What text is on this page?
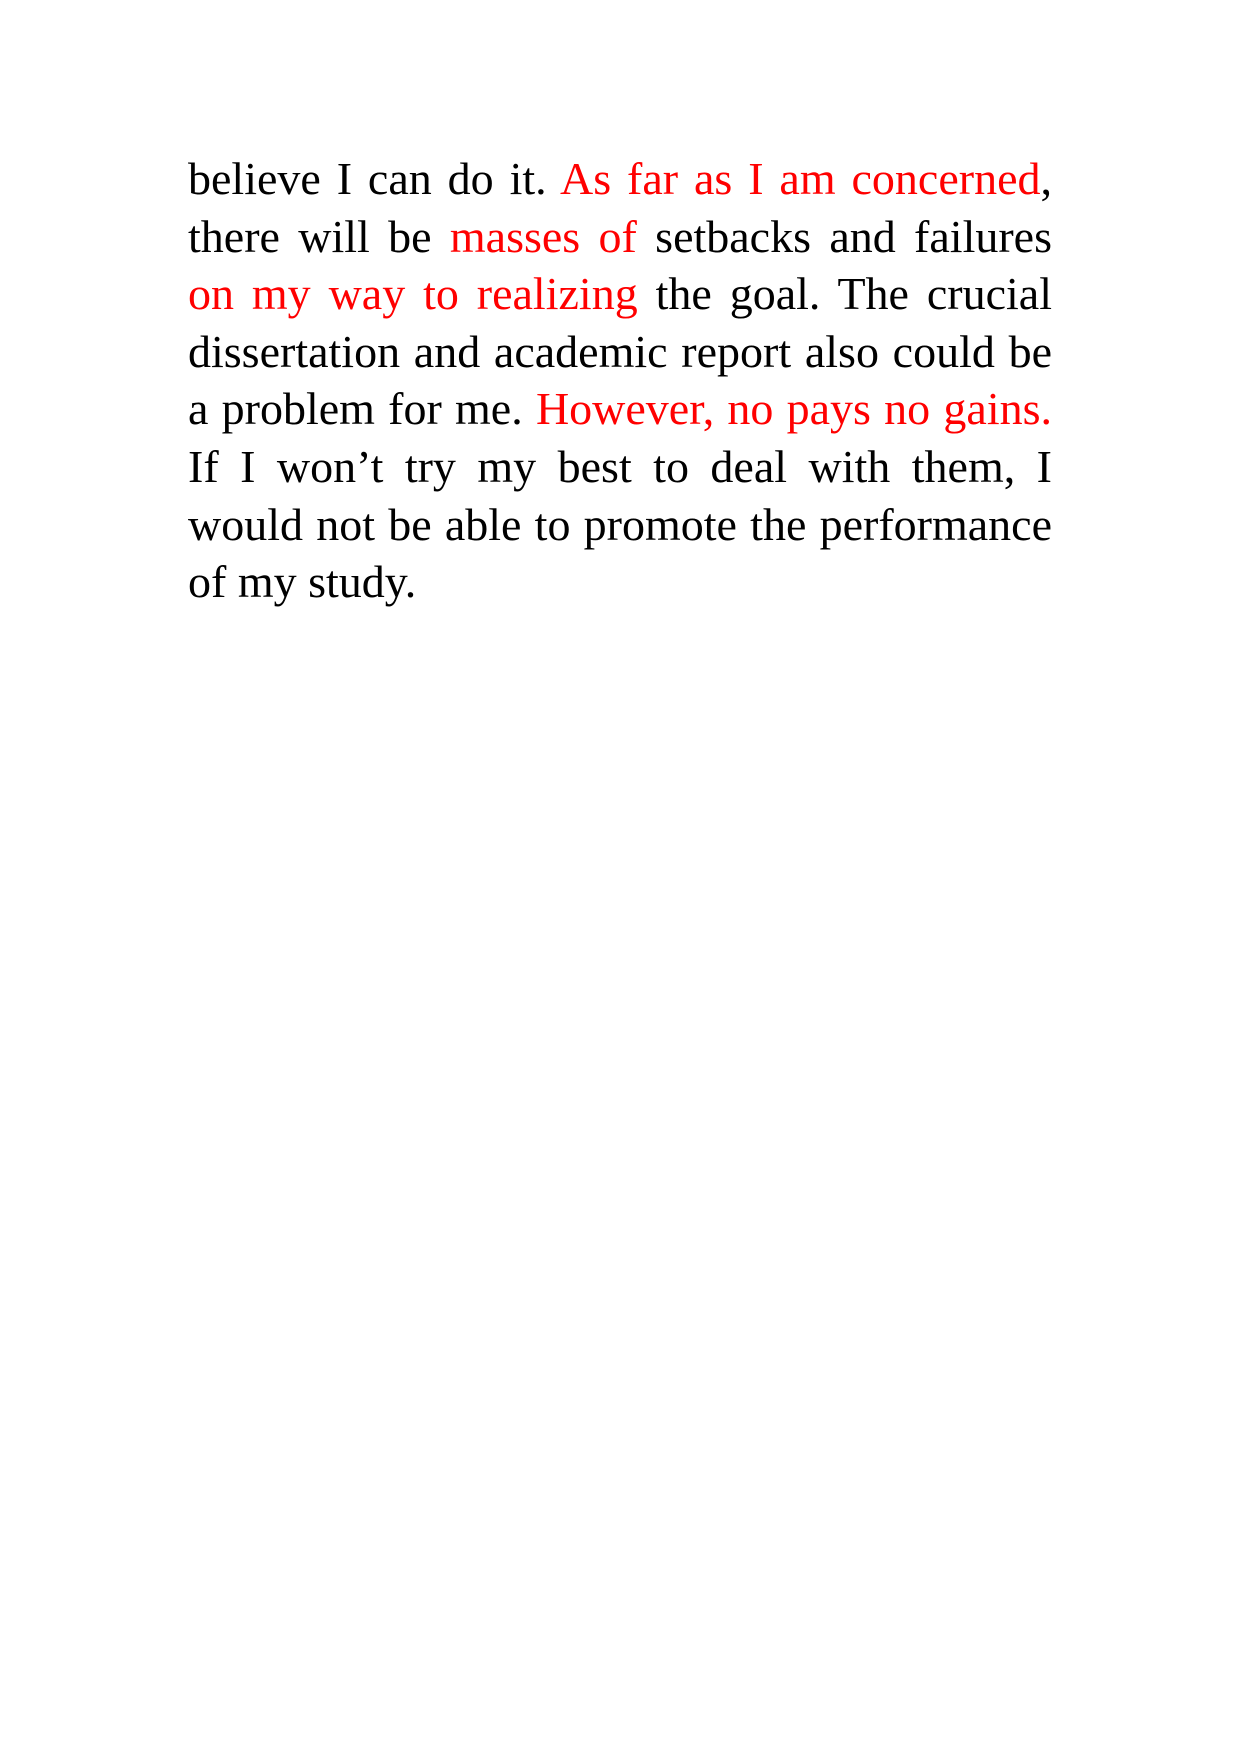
believe I can do it. As far as I am concerned, there will be masses of setbacks and failures on my way to realizing the goal. The crucial dissertation and academic report also could be a problem for me. However, no pays no gains. If I won’t try my best to deal with them, I would not be able to promote the performance of my study.
